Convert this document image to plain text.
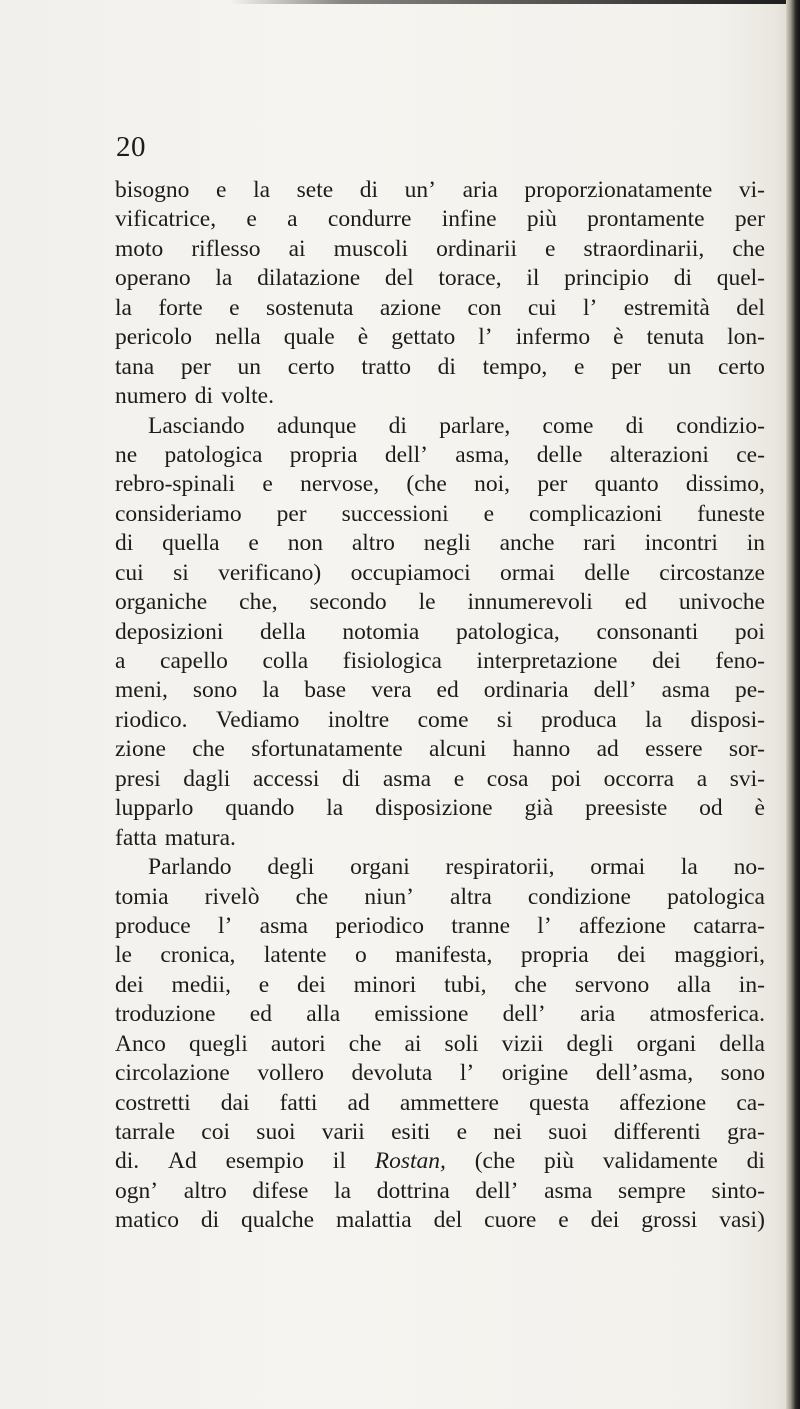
20
bisogno e la sete di un’ aria proporzionatamente vi-
vificatrice, e a condurre infine più prontamente per
moto riflesso ai muscoli ordinarii e straordinarii, che
operano la dilatazione del torace, il principio di quel-
la forte e sostenuta azione con cui l’ estremità del
pericolo nella quale è gettato l’ infermo è tenuta lon-
tana per un certo tratto di tempo, e per un certo
numero di volte.
Lasciando adunque di parlare, come di condizio-
ne patologica propria dell’ asma, delle alterazioni ce-
rebro-spinali e nervose, (che noi, per quanto dissimo,
consideriamo per successioni e complicazioni funeste
di quella e non altro negli anche rari incontri in
cui si verificano) occupiamoci ormai delle circostanze
organiche che, secondo le innumerevoli ed univoche
deposizioni della notomia patologica, consonanti poi
a capello colla fisiologica interpretazione dei feno-
meni, sono la base vera ed ordinaria dell’ asma pe-
riodico. Vediamo inoltre come si produca la disposi-
zione che sfortunatamente alcuni hanno ad essere sor-
presi dagli accessi di asma e cosa poi occorra a svi-
lupparlo quando la disposizione già preesiste od è
fatta matura.
Parlando degli organi respiratorii, ormai la no-
tomia rivelò che niun’ altra condizione patologica
produce l’ asma periodico tranne l’ affezione catarra-
le cronica, latente o manifesta, propria dei maggiori,
dei medii, e dei minori tubi, che servono alla in-
troduzione ed alla emissione dell’ aria atmosferica.
Anco quegli autori che ai soli vizii degli organi della
circolazione vollero devoluta l’ origine dell’asma, sono
costretti dai fatti ad ammettere questa affezione ca-
tarrale coi suoi varii esiti e nei suoi differenti gra-
di. Ad esempio il Rostan, (che più validamente di
ogn’ altro difese la dottrina dell’ asma sempre sinto-
matico di qualche malattia del cuore e dei grossi vasi)
